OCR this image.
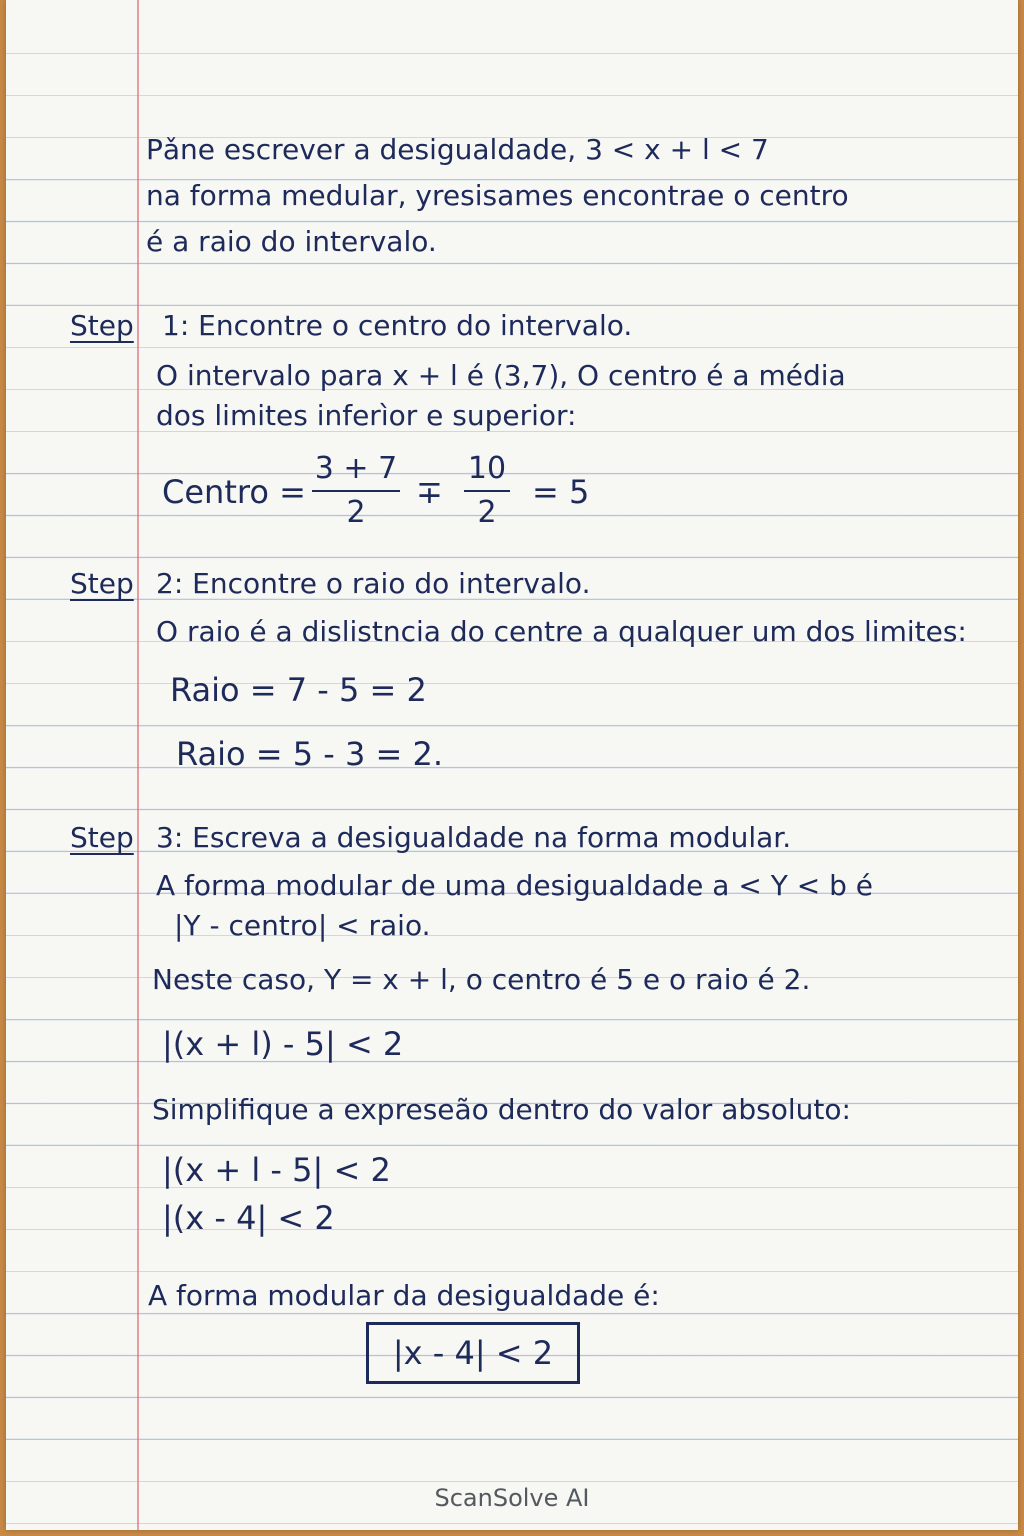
Pǎne escrever a desigualdade, 3 < x + l < 7
na forma medular, yresisames encontrae o centro
é a raio do intervalo.
Step 1: Encontre o centro do intervalo.
O intervalo para x + l é (3,7), O centro é a média
dos limites inferìor e superior:
Centro =
3 + 7
2
∓
10
2
= 5
Step 2: Encontre o raio do intervalo.
O raio é a dislistncia do centre a qualquer um dos limites:
Raio = 7 - 5 = 2
Raio = 5 - 3 = 2.
Step 3: Escreva a desigualdade na forma modular.
A forma modular de uma desigualdade a < Y < b é
|Y - centro| < raio.
Neste caso, Y = x + l, o centro é 5 e o raio é 2.
|(x + l) - 5| < 2
Simplifique a expreseão dentro do valor absoluto:
|(x + l - 5| < 2
|(x - 4| < 2
A forma modular da desigualdade é:
|x - 4| < 2
ScanSolve AI
